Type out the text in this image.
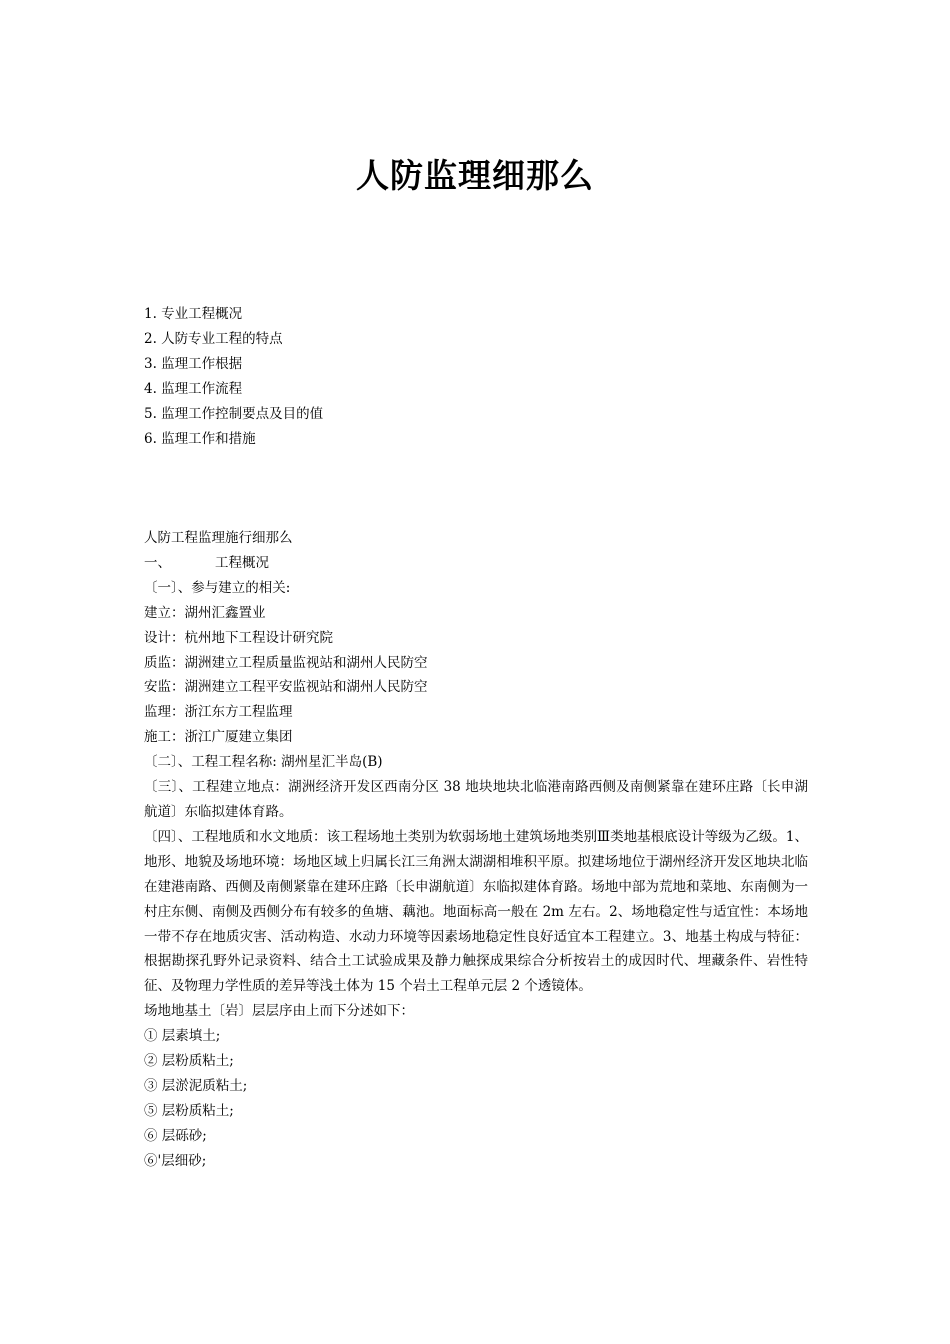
人防监理细那么
1. 专业工程概况
2. 人防专业工程的特点
3. 监理工作根据
4. 监理工作流程
5. 监理工作控制要点及目的值
6. 监理工作和措施
人防工程监理施行细那么
一、	工程概况
〔一〕、参与建立的相关:
建立：湖州汇鑫置业
设计：杭州地下工程设计研究院
质监：湖洲建立工程质量监视站和湖州人民防空
安监：湖洲建立工程平安监视站和湖州人民防空
监理：浙江东方工程监理
施工：浙江广厦建立集团
〔二〕、工程工程名称: 湖州星汇半岛(B)
〔三〕、工程建立地点：湖洲经济开发区西南分区 38 地块地块北临港南路西侧及南侧紧靠在建环庄路〔长申湖航道〕东临拟建体育路。
〔四〕、工程地质和水文地质：该工程场地土类别为软弱场地土建筑场地类别Ⅲ类地基根底设计等级为乙级。1、地形、地貌及场地环境：场地区域上归属长江三角洲太湖湖相堆积平原。拟建场地位于湖州经济开发区地块北临在建港南路、西侧及南侧紧靠在建环庄路〔长申湖航道〕东临拟建体育路。场地中部为荒地和菜地、东南侧为一村庄东侧、南侧及西侧分布有较多的鱼塘、藕池。地面标高一般在 2m 左右。2、场地稳定性与适宜性：本场地一带不存在地质灾害、活动构造、水动力环境等因素场地稳定性良好适宜本工程建立。3、地基土构成与特征：根据勘探孔野外记录资料、结合土工试验成果及静力触探成果综合分析按岩土的成因时代、埋藏条件、岩性特征、及物理力学性质的差异等浅土体为 15 个岩土工程单元层 2 个透镜体。
场地地基土〔岩〕层层序由上而下分述如下：
① 层素填土;
② 层粉质粘土;
③ 层淤泥质粘土;
⑤ 层粉质粘土;
⑥ 层砾砂;
⑥'层细砂;
